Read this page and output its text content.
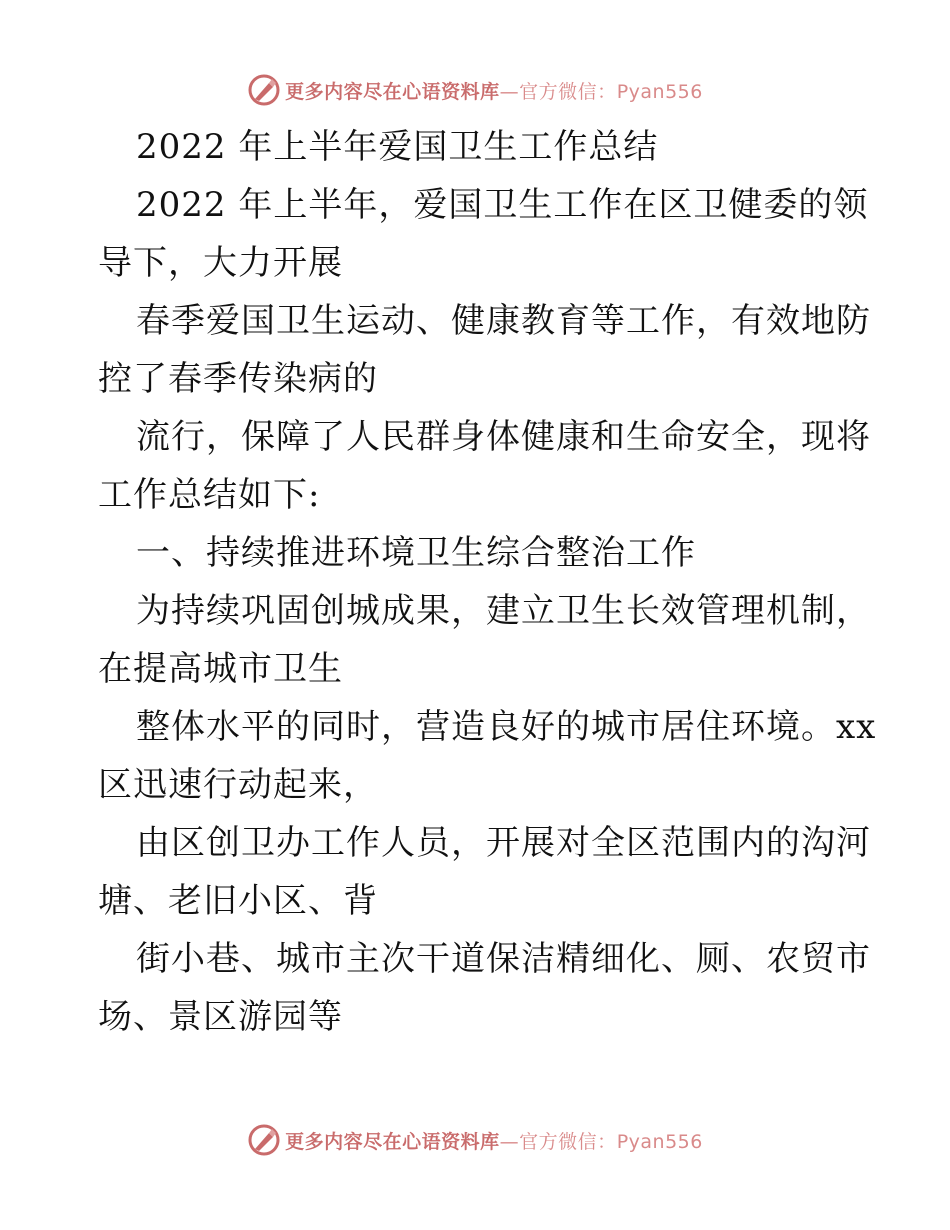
更多内容尽在心语资料库—官方微信：Pyan556

2022 年上半年爱国卫生工作总结

2022 年上半年，爱国卫生工作在区卫健委的领

导下，大力开展

春季爱国卫生运动、健康教育等工作，有效地防

控了春季传染病的

流行，保障了人民群身体健康和生命安全，现将

工作总结如下:

一、持续推进环境卫生综合整治工作

为持续巩固创城成果，建立卫生长效管理机制，

在提高城市卫生

整体水平的同时，营造良好的城市居住环境。xx

区迅速行动起来，

由区创卫办工作人员，开展对全区范围内的沟河

塘、老旧小区、背

街小巷、城市主次干道保洁精细化、厕、农贸市

场、景区游园等

更多内容尽在心语资料库—官方微信：Pyan556
